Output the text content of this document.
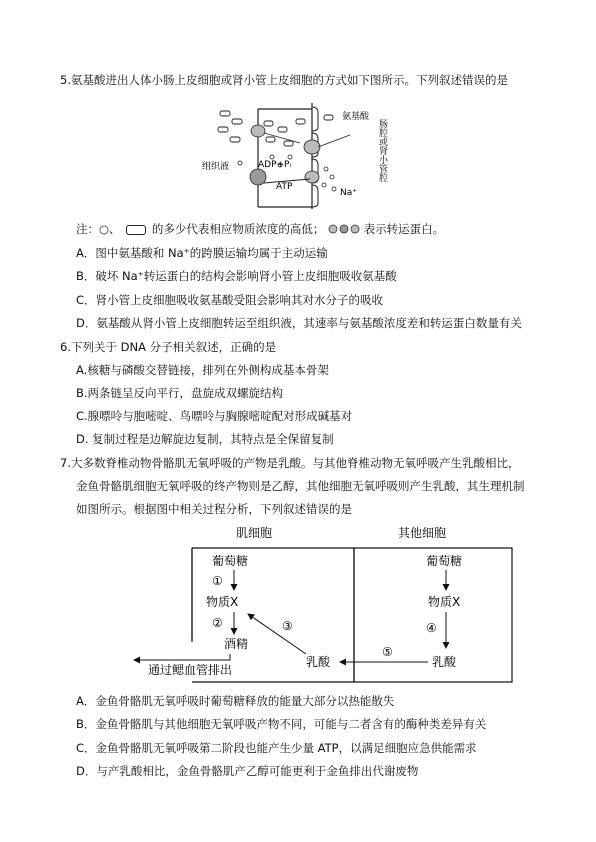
5.氨基酸进出人体小肠上皮细胞或肾小管上皮细胞的方式如下图所示。下列叙述错误的是
氨基酸
组织液	ADP+Pᵢ
ATP
Na⁺
肠腔或肾小管腔
注：○、	的多少代表相应物质浓度的高低；	表示转运蛋白。
A．图中氨基酸和 Na⁺的跨膜运输均属于主动运输
B．破坏 Na⁺转运蛋白的结构会影响肾小管上皮细胞吸收氨基酸
C．肾小管上皮细胞吸收氨基酸受阻会影响其对水分子的吸收
D．氨基酸从肾小管上皮细胞转运至组织液，其速率与氨基酸浓度差和转运蛋白数量有关
6.下列关于 DNA 分子相关叙述，正确的是
A.核糖与磷酸交替链接，排列在外侧构成基本骨架
B.两条链呈反向平行，盘旋成双螺旋结构
C.腺嘌呤与胞嘧啶、鸟嘌呤与胸腺嘧啶配对形成碱基对
D. 复制过程是边解旋边复制，其特点是全保留复制
7.大多数脊椎动物骨骼肌无氧呼吸的产物是乳酸。与其他脊椎动物无氧呼吸产生乳酸相比，
金鱼骨骼肌细胞无氧呼吸的终产物则是乙醇，其他细胞无氧呼吸则产生乳酸，其生理机制
如图所示。根据图中相关过程分析，下列叙述错误的是
肌细胞	其他细胞
葡萄糖
①
物质X
②
酒精
通过鳃血管排出
乳酸
③
葡萄糖
物质X
④
乳酸
⑤
A．金鱼骨骼肌无氧呼吸时葡萄糖释放的能量大部分以热能散失
B．金鱼骨骼肌与其他细胞无氧呼吸产物不同，可能与二者含有的酶种类差异有关
C．金鱼骨骼肌无氧呼吸第二阶段也能产生少量 ATP，以满足细胞应急供能需求
D．与产乳酸相比，金鱼骨骼肌产乙醇可能更利于金鱼排出代谢废物
